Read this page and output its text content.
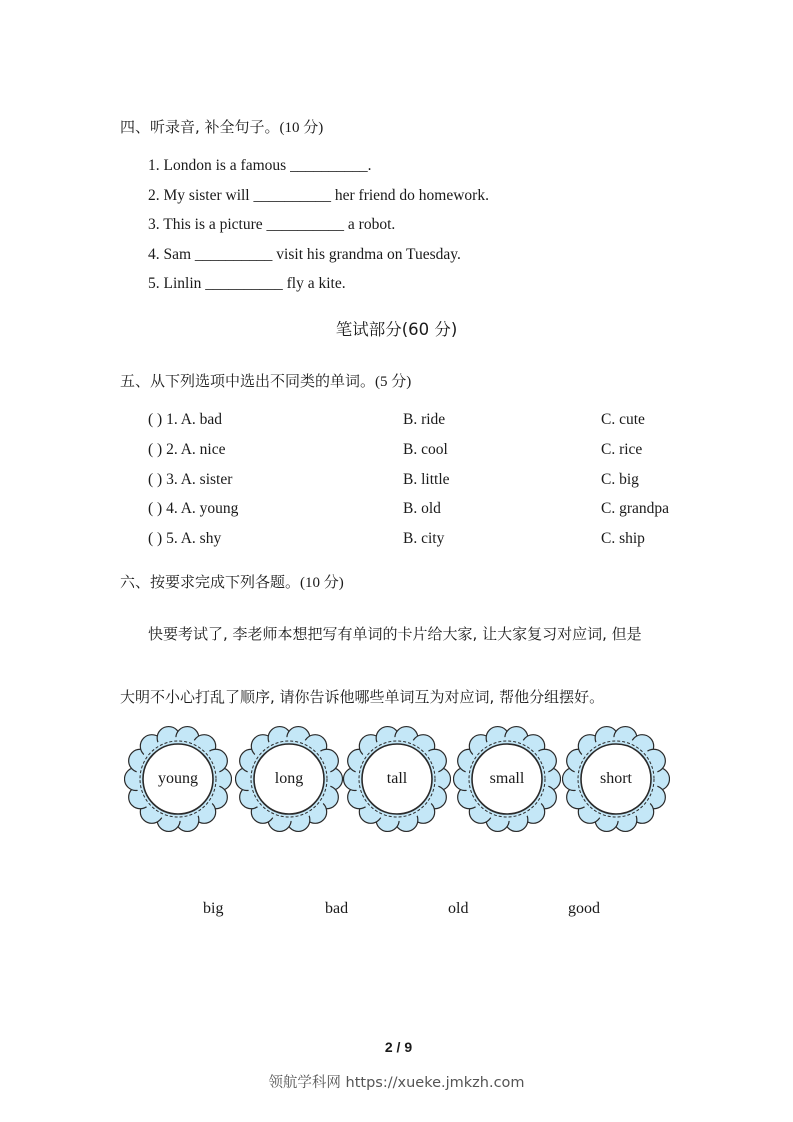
四、听录音, 补全句子。(10 分)
1. London is a famous __________.
2. My sister will __________ her friend do homework.
3. This is a picture __________ a robot.
4. Sam __________ visit his grandma on Tuesday.
5. Linlin __________ fly a kite.
笔试部分(60 分)
五、从下列选项中选出不同类的单词。(5 分)
( ) 1. A. bad	B. ride	C. cute
( ) 2. A. nice	B. cool	C. rice
( ) 3. A. sister	B. little	C. big
( ) 4. A. young	B. old	C. grandpa
( ) 5. A. shy	B. city	C. ship
六、按要求完成下列各题。(10 分)
快要考试了, 李老师本想把写有单词的卡片给大家, 让大家复习对应词, 但是
大明不小心打乱了顺序, 请你告诉他哪些单词互为对应词, 帮他分组摆好。
young	long	tall	small	short
big	bad	old	good
2 / 9
领航学科网 https://xueke.jmkzh.com
